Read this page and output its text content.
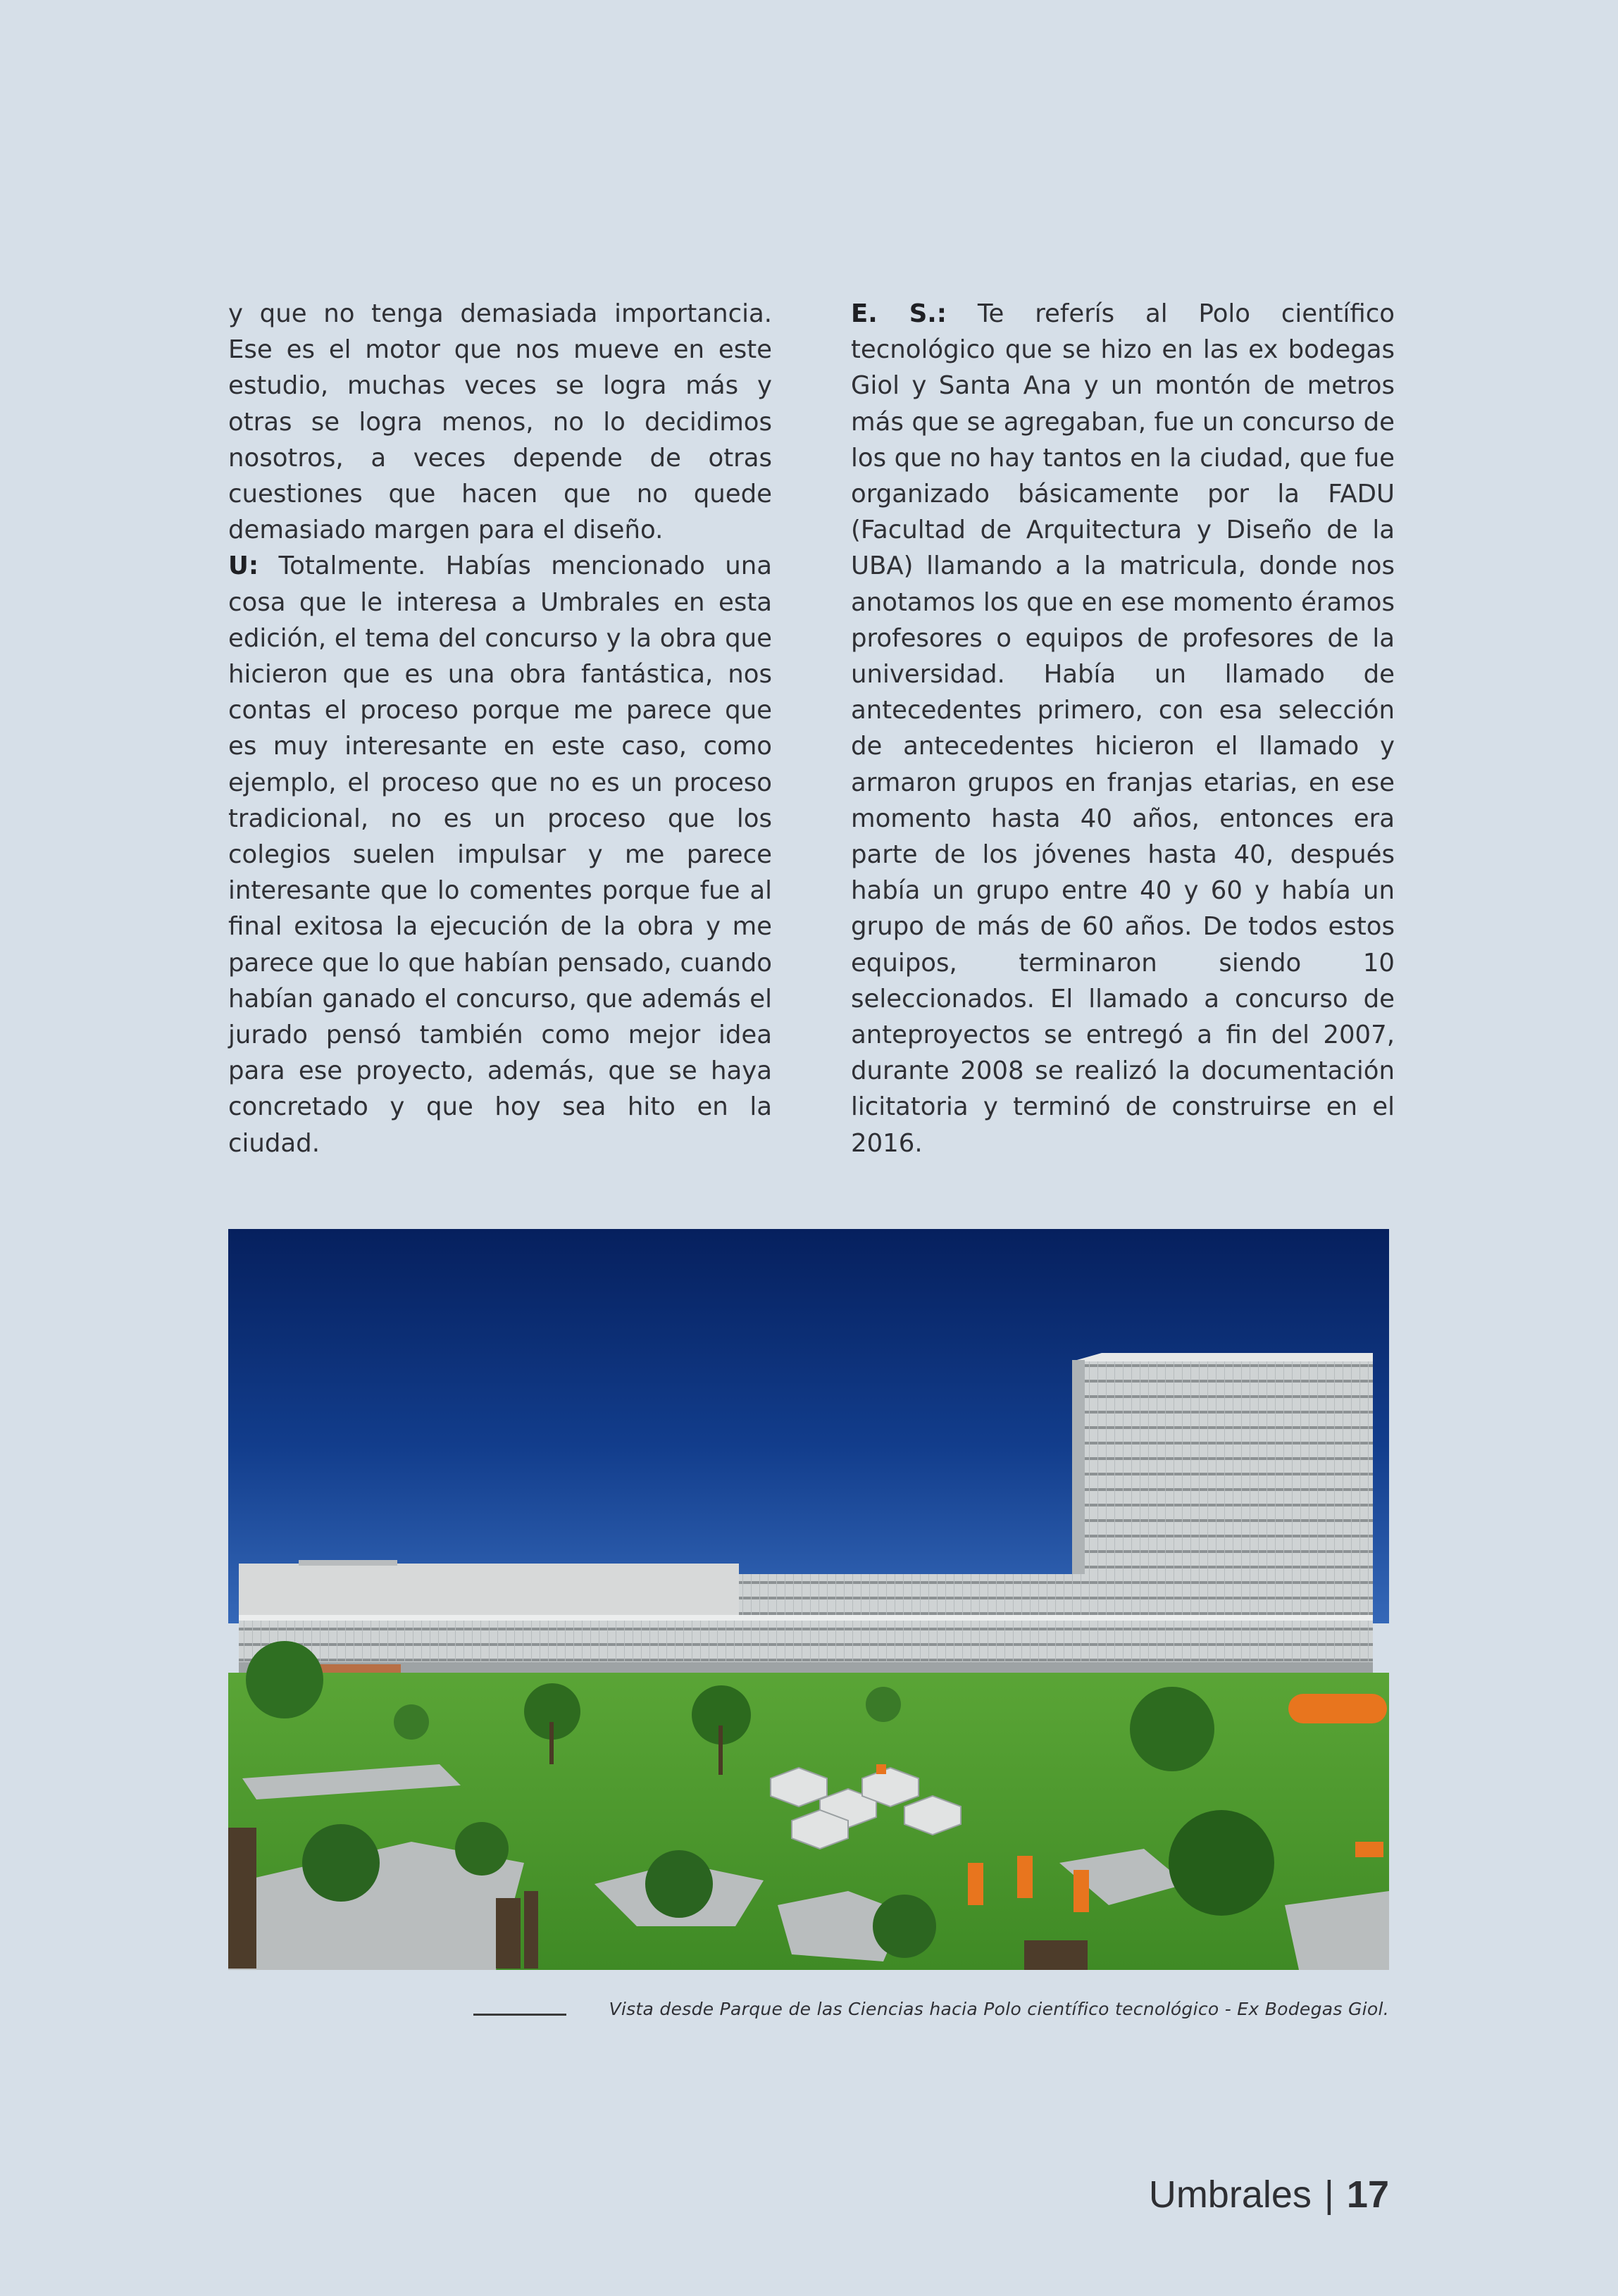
y que no tenga demasiada importancia. Ese es el motor que nos mueve en este estudio, muchas veces se logra más y otras se logra menos, no lo decidimos nosotros, a veces depende de otras cuestiones que hacen que no quede demasiado margen para el diseño.

U: Totalmente. Habías mencionado una cosa que le interesa a Umbrales en esta edición, el tema del concurso y la obra que hicieron que es una obra fantástica, nos contas el proceso porque me parece que es muy interesante en este caso, como ejemplo, el proceso que no es un proceso tradicional, no es un proceso que los colegios suelen impulsar y me parece interesante que lo comentes porque fue al final exitosa la ejecución de la obra y me parece que lo que habían pensado, cuando habían ganado el concurso, que además el jurado pensó también como mejor idea para ese proyecto, además, que se haya concretado y que hoy sea hito en la ciudad.

E. S.: Te referís al Polo científico tecnológico que se hizo en las ex bodegas Giol y Santa Ana y un montón de metros más que se agregaban, fue un concurso de los que no hay tantos en la ciudad, que fue organizado básicamente por la FADU (Facultad de Arquitectura y Diseño de la UBA) llamando a la matricula, donde nos anotamos los que en ese momento éramos profesores o equipos de profesores de la universidad. Había un llamado de antecedentes primero, con esa selección de antecedentes hicieron el llamado y armaron grupos en franjas etarias, en ese momento hasta 40 años, entonces era parte de los jóvenes hasta 40, después había un grupo entre 40 y 60 y había un grupo de más de 60 años. De todos estos equipos, terminaron siendo 10 seleccionados. El llamado a concurso de anteproyectos se entregó a fin del 2007, durante 2008 se realizó la documentación licitatoria y terminó de construirse en el 2016.

Vista desde Parque de las Ciencias hacia Polo científico tecnológico - Ex Bodegas Giol.
Umbrales | 17
